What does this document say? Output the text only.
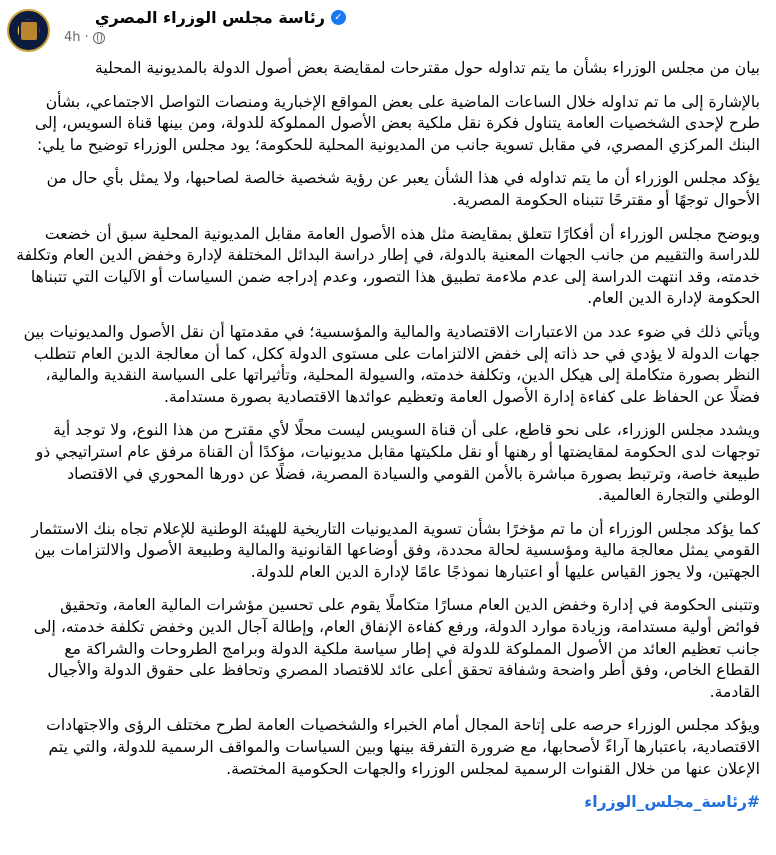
رئاسة مجلس الوزراء المصري ✓
4h ·

بيان من مجلس الوزراء بشأن ما يتم تداوله حول مقترحات لمقايضة بعض أصول الدولة بالمديونية المحلية

بالإشارة إلى ما تم تداوله خلال الساعات الماضية على بعض المواقع الإخبارية ومنصات التواصل الاجتماعي، بشأن طرح لإحدى الشخصيات العامة يتناول فكرة نقل ملكية بعض الأصول المملوكة للدولة، ومن بينها قناة السويس، إلى البنك المركزي المصري، في مقابل تسوية جانب من المديونية المحلية للحكومة؛ يود مجلس الوزراء توضيح ما يلي:

يؤكد مجلس الوزراء أن ما يتم تداوله في هذا الشأن يعبر عن رؤية شخصية خالصة لصاحبها، ولا يمثل بأي حال من الأحوال توجهًا أو مقترحًا تتبناه الحكومة المصرية.

ويوضح مجلس الوزراء أن أفكارًا تتعلق بمقايضة مثل هذه الأصول العامة مقابل المديونية المحلية سبق أن خضعت للدراسة والتقييم من جانب الجهات المعنية بالدولة، في إطار دراسة البدائل المختلفة لإدارة وخفض الدين العام وتكلفة خدمته، وقد انتهت الدراسة إلى عدم ملاءمة تطبيق هذا التصور، وعدم إدراجه ضمن السياسات أو الآليات التي تتبناها الحكومة لإدارة الدين العام.

ويأتي ذلك في ضوء عدد من الاعتبارات الاقتصادية والمالية والمؤسسية؛ في مقدمتها أن نقل الأصول والمديونيات بين جهات الدولة لا يؤدي في حد ذاته إلى خفض الالتزامات على مستوى الدولة ككل، كما أن معالجة الدين العام تتطلب النظر بصورة متكاملة إلى هيكل الدين، وتكلفة خدمته، والسيولة المحلية، وتأثيراتها على السياسة النقدية والمالية، فضلًا عن الحفاظ على كفاءة إدارة الأصول العامة وتعظيم عوائدها الاقتصادية بصورة مستدامة.

ويشدد مجلس الوزراء، على نحو قاطع، على أن قناة السويس ليست محلًا لأي مقترح من هذا النوع، ولا توجد أية توجهات لدى الحكومة لمقايضتها أو رهنها أو نقل ملكيتها مقابل مديونيات، مؤكدًا أن القناة مرفق عام استراتيجي ذو طبيعة خاصة، وترتبط بصورة مباشرة بالأمن القومي والسيادة المصرية، فضلًا عن دورها المحوري في الاقتصاد الوطني والتجارة العالمية.

كما يؤكد مجلس الوزراء أن ما تم مؤخرًا بشأن تسوية المديونيات التاريخية للهيئة الوطنية للإعلام تجاه بنك الاستثمار القومي يمثل معالجة مالية ومؤسسية لحالة محددة، وفق أوضاعها القانونية والمالية وطبيعة الأصول والالتزامات بين الجهتين، ولا يجوز القياس عليها أو اعتبارها نموذجًا عامًا لإدارة الدين العام للدولة.

وتتبنى الحكومة في إدارة وخفض الدين العام مسارًا متكاملًا يقوم على تحسين مؤشرات المالية العامة، وتحقيق فوائض أولية مستدامة، وزيادة موارد الدولة، ورفع كفاءة الإنفاق العام، وإطالة آجال الدين وخفض تكلفة خدمته، إلى جانب تعظيم العائد من الأصول المملوكة للدولة في إطار سياسة ملكية الدولة وبرامج الطروحات والشراكة مع القطاع الخاص، وفق أطر واضحة وشفافة تحقق أعلى عائد للاقتصاد المصري وتحافظ على حقوق الدولة والأجيال القادمة.

ويؤكد مجلس الوزراء حرصه على إتاحة المجال أمام الخبراء والشخصيات العامة لطرح مختلف الرؤى والاجتهادات الاقتصادية، باعتبارها آراءً لأصحابها، مع ضرورة التفرقة بينها وبين السياسات والمواقف الرسمية للدولة، والتي يتم الإعلان عنها من خلال القنوات الرسمية لمجلس الوزراء والجهات الحكومية المختصة.

#رئاسة_مجلس_الوزراء
